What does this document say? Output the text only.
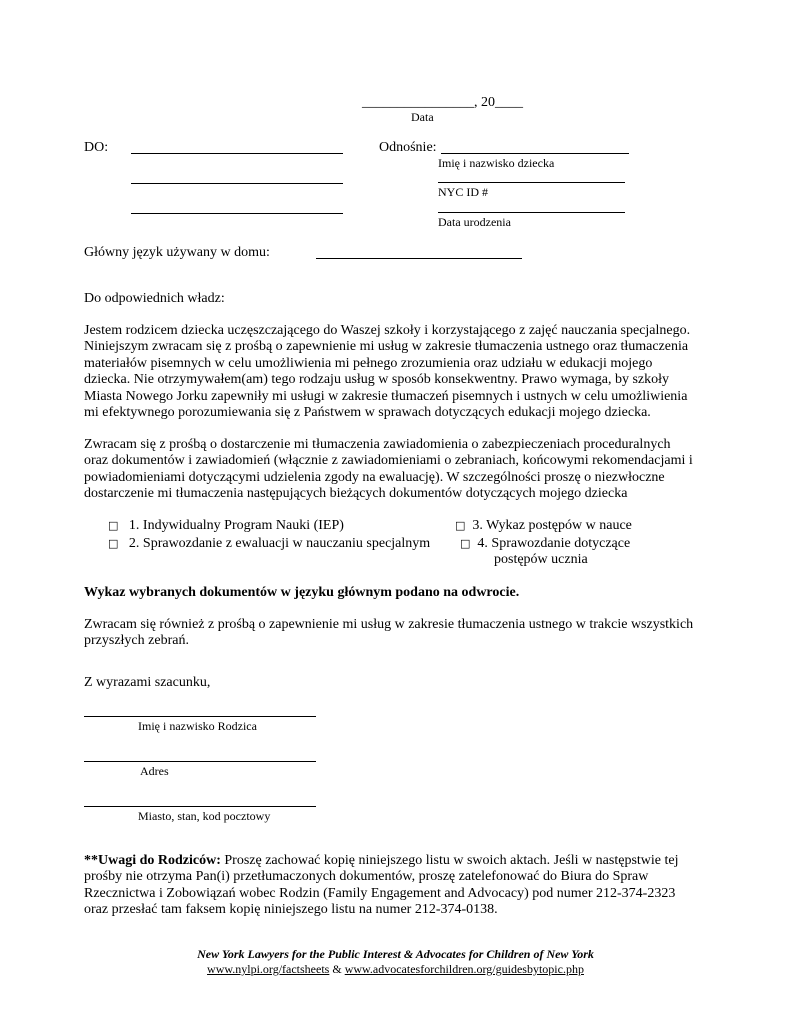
________________, 20____
Data
DO:	Odnośnie:
Imię i nazwisko dziecka
NYC ID #
Data urodzenia
Główny język używany w domu:
Do odpowiednich władz:
Jestem rodzicem dziecka uczęszczającego do Waszej szkoły i korzystającego z zajęć nauczania specjalnego.
Niniejszym zwracam się z prośbą o zapewnienie mi usług w zakresie tłumaczenia ustnego oraz tłumaczenia
materiałów pisemnych w celu umożliwienia mi pełnego zrozumienia oraz udziału w edukacji mojego
dziecka. Nie otrzymywałem(am) tego rodzaju usług w sposób konsekwentny. Prawo wymaga, by szkoły
Miasta Nowego Jorku zapewniły mi usługi w zakresie tłumaczeń pisemnych i ustnych w celu umożliwienia
mi efektywnego porozumiewania się z Państwem w sprawach dotyczących edukacji mojego dziecka.
Zwracam się z prośbą o dostarczenie mi tłumaczenia zawiadomienia o zabezpieczeniach proceduralnych
oraz dokumentów i zawiadomień (włącznie z zawiadomieniami o zebraniach, końcowymi rekomendacjami i
powiadomieniami dotyczącymi udzielenia zgody na ewaluację). W szczególności proszę o niezwłoczne
dostarczenie mi tłumaczenia następujących bieżących dokumentów dotyczących mojego dziecka
□ 1. Indywidualny Program Nauki (IEP)
□ 2. Sprawozdanie z ewaluacji w nauczaniu specjalnym
□ 3. Wykaz postępów w nauce
□ 4. Sprawozdanie dotyczące
postępów ucznia
Wykaz wybranych dokumentów w języku głównym podano na odwrocie.
Zwracam się również z prośbą o zapewnienie mi usług w zakresie tłumaczenia ustnego w trakcie wszystkich
przyszłych zebrań.
Z wyrazami szacunku,
Imię i nazwisko Rodzica
Adres
Miasto, stan, kod pocztowy
**Uwagi do Rodziców: Proszę zachować kopię niniejszego listu w swoich aktach. Jeśli w następstwie tej
prośby nie otrzyma Pan(i) przetłumaczonych dokumentów, proszę zatelefonować do Biura do Spraw
Rzecznictwa i Zobowiązań wobec Rodzin (Family Engagement and Advocacy) pod numer 212-374-2323
oraz przesłać tam faksem kopię niniejszego listu na numer 212-374-0138.
New York Lawyers for the Public Interest & Advocates for Children of New York
www.nylpi.org/factsheets & www.advocatesforchildren.org/guidesbytopic.php
